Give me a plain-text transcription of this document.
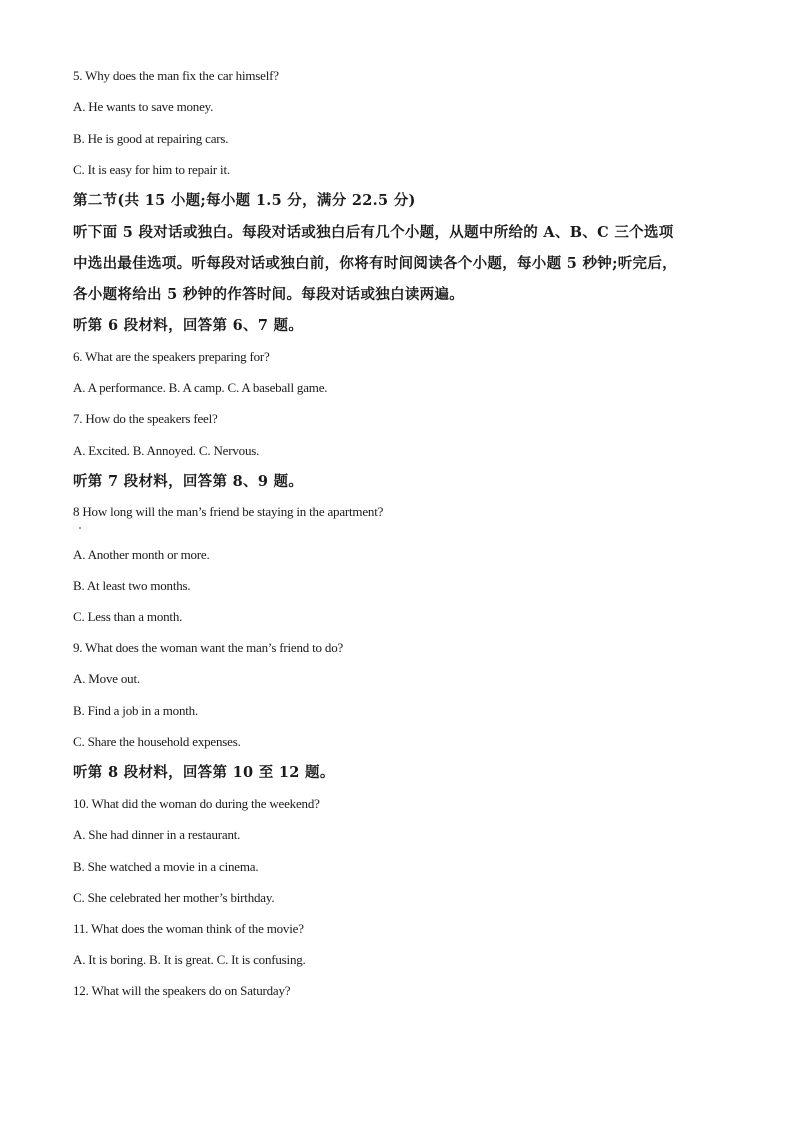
5. Why does the man fix the car himself?
A. He wants to save money.
B. He is good at repairing cars.
C. It is easy for him to repair it.
第二节(共 15 小题;每小题 1.5 分，满分 22.5 分)
听下面 5 段对话或独白。每段对话或独白后有几个小题，从题中所给的 A、B、C 三个选项
中选出最佳选项。听每段对话或独白前，你将有时间阅读各个小题，每小题 5 秒钟;听完后，
各小题将给出 5 秒钟的作答时间。每段对话或独白读两遍。
听第 6 段材料，回答第 6、7 题。
6. What are the speakers preparing for?
A. A performance. B. A camp. C. A baseball game.
7. How do the speakers feel?
A. Excited. B. Annoyed. C. Nervous.
听第 7 段材料，回答第 8、9 题。
8 How long will the man’s friend be staying in the apartment?
A. Another month or more.
B. At least two months.
C. Less than a month.
9. What does the woman want the man’s friend to do?
A. Move out.
B. Find a job in a month.
C. Share the household expenses.
听第 8 段材料，回答第 10 至 12 题。
10. What did the woman do during the weekend?
A. She had dinner in a restaurant.
B. She watched a movie in a cinema.
C. She celebrated her mother’s birthday.
11. What does the woman think of the movie?
A. It is boring. B. It is great. C. It is confusing.
12. What will the speakers do on Saturday?
